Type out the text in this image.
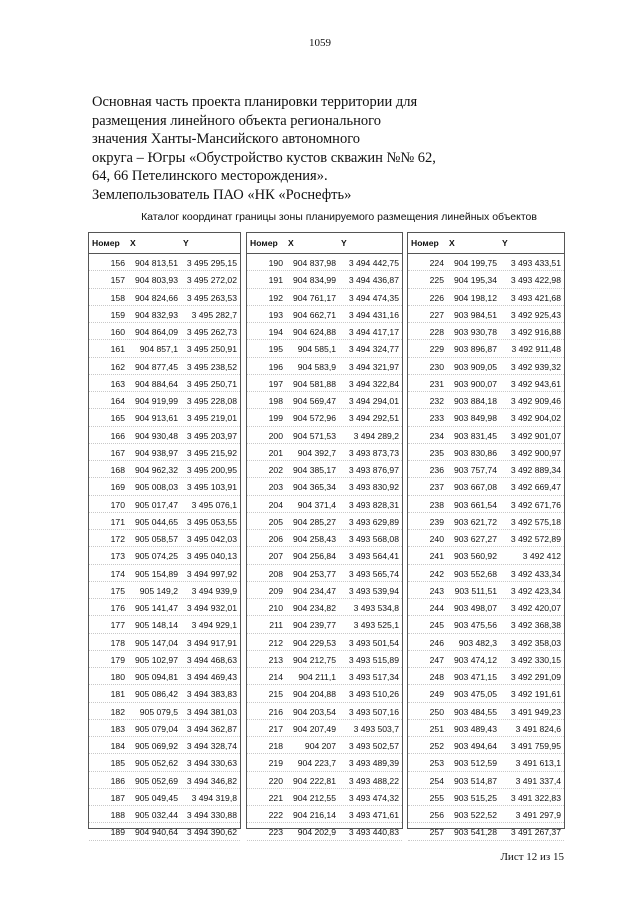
1059
Основная часть проекта планировки территории для
размещения линейного объекта регионального
значения Ханты-Мансийского автономного
округа – Югры «Обустройство кустов скважин №№ 62,
64, 66 Петелинского месторождения».
Землепользователь ПАО «НК «Роснефть»
Каталог координат границы зоны планируемого размещения линейных объектов
Номер X	Y
156 904 813,51 3 495 295,15
157 904 803,93 3 495 272,02
158 904 824,66 3 495 263,53
159 904 832,93 3 495 282,7
160 904 864,09 3 495 262,73
161 904 857,1 3 495 250,91
162 904 877,45 3 495 238,52
163 904 884,64 3 495 250,71
164 904 919,99 3 495 228,08
165 904 913,61 3 495 219,01
166 904 930,48 3 495 203,97
167 904 938,97 3 495 215,92
168 904 962,32 3 495 200,95
169 905 008,03 3 495 103,91
170 905 017,47 3 495 076,1
171 905 044,65 3 495 053,55
172 905 058,57 3 495 042,03
173 905 074,25 3 495 040,13
174 905 154,89 3 494 997,92
175 905 149,2 3 494 939,9
176 905 141,47 3 494 932,01
177 905 148,14 3 494 929,1
178 905 147,04 3 494 917,91
179 905 102,97 3 494 468,63
180 905 094,81 3 494 469,43
181 905 086,42 3 494 383,83
182 905 079,5 3 494 381,03
183 905 079,04 3 494 362,87
184 905 069,92 3 494 328,74
185 905 052,62 3 494 330,63
186 905 052,69 3 494 346,82
187 905 049,45 3 494 319,8
188 905 032,44 3 494 330,88
189 904 940,64 3 494 390,62
Номер X	Y
190 904 837,98 3 494 442,75
191 904 834,99 3 494 436,87
192 904 761,17 3 494 474,35
193 904 662,71 3 494 431,16
194 904 624,88 3 494 417,17
195 904 585,1 3 494 324,77
196 904 583,9 3 494 321,97
197 904 581,88 3 494 322,84
198 904 569,47 3 494 294,01
199 904 572,96 3 494 292,51
200 904 571,53 3 494 289,2
201 904 392,7 3 493 873,73
202 904 385,17 3 493 876,97
203 904 365,34 3 493 830,92
204 904 371,4 3 493 828,31
205 904 285,27 3 493 629,89
206 904 258,43 3 493 568,08
207 904 256,84 3 493 564,41
208 904 253,77 3 493 565,74
209 904 234,47 3 493 539,94
210 904 234,82 3 493 534,8
211 904 239,77 3 493 525,1
212 904 229,53 3 493 501,54
213 904 212,75 3 493 515,89
214 904 211,1 3 493 517,34
215 904 204,88 3 493 510,26
216 904 203,54 3 493 507,16
217 904 207,49 3 493 503,7
218	904 207 3 493 502,57
219 904 223,7 3 493 489,39
220 904 222,81 3 493 488,22
221 904 212,55 3 493 474,32
222 904 216,14 3 493 471,61
223 904 202,9 3 493 440,83
Номер X	Y
224 904 199,75 3 493 433,51
225 904 195,34 3 493 422,98
226 904 198,12 3 493 421,68
227 903 984,51 3 492 925,43
228 903 930,78 3 492 916,88
229 903 896,87 3 492 911,48
230 903 909,05 3 492 939,32
231 903 900,07 3 492 943,61
232 903 884,18 3 492 909,46
233 903 849,98 3 492 904,02
234 903 831,45 3 492 901,07
235 903 830,86 3 492 900,97
236 903 757,74 3 492 889,34
237 903 667,08 3 492 669,47
238 903 661,54 3 492 671,76
239 903 621,72 3 492 575,18
240 903 627,27 3 492 572,89
241 903 560,92	3 492 412
242 903 552,68 3 492 433,34
243 903 511,51 3 492 423,34
244 903 498,07 3 492 420,07
245 903 475,56 3 492 368,38
246 903 482,3 3 492 358,03
247 903 474,12 3 492 330,15
248 903 471,15 3 492 291,09
249 903 475,05 3 492 191,61
250 903 484,55 3 491 949,23
251 903 489,43 3 491 824,6
252 903 494,64 3 491 759,95
253 903 512,59 3 491 613,1
254 903 514,87 3 491 337,4
255 903 515,25 3 491 322,83
256 903 522,52 3 491 297,9
257 903 541,28 3 491 267,37
Лист 12 из 15
